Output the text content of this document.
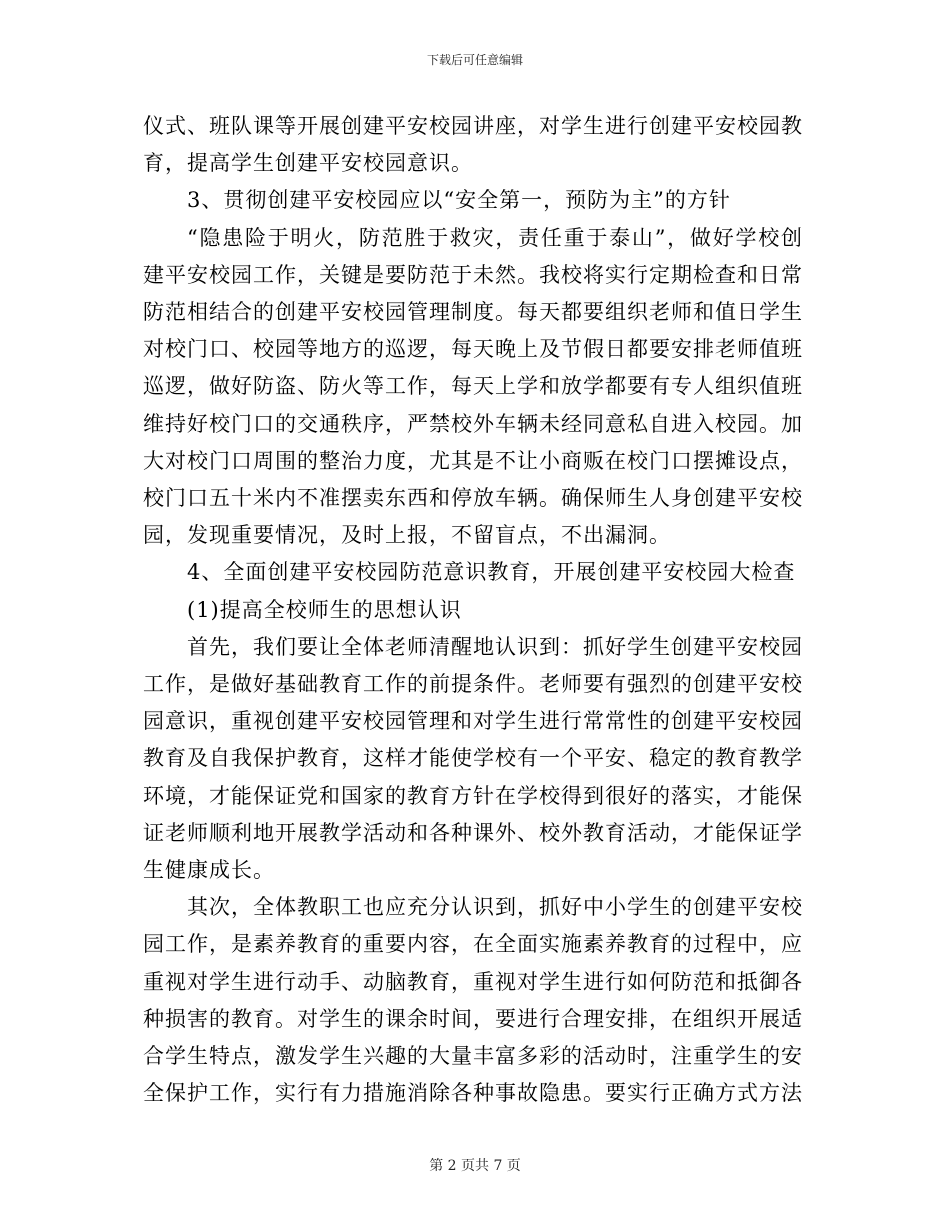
下载后可任意编辑

仪式、班队课等开展创建平安校园讲座，对学生进行创建平安校园教育，提高学生创建平安校园意识。

3、贯彻创建平安校园应以“安全第一，预防为主”的方针

“隐患险于明火，防范胜于救灾，责任重于泰山”，做好学校创建平安校园工作，关键是要防范于未然。我校将实行定期检查和日常防范相结合的创建平安校园管理制度。每天都要组织老师和值日学生对校门口、校园等地方的巡逻，每天晚上及节假日都要安排老师值班巡逻，做好防盗、防火等工作，每天上学和放学都要有专人组织值班维持好校门口的交通秩序，严禁校外车辆未经同意私自进入校园。加大对校门口周围的整治力度，尤其是不让小商贩在校门口摆摊设点，校门口五十米内不准摆卖东西和停放车辆。确保师生人身创建平安校园，发现重要情况，及时上报，不留盲点，不出漏洞。

4、全面创建平安校园防范意识教育，开展创建平安校园大检查

(1)提高全校师生的思想认识

首先，我们要让全体老师清醒地认识到：抓好学生创建平安校园工作，是做好基础教育工作的前提条件。老师要有强烈的创建平安校园意识，重视创建平安校园管理和对学生进行常常性的创建平安校园教育及自我保护教育，这样才能使学校有一个平安、稳定的教育教学环境，才能保证党和国家的教育方针在学校得到很好的落实，才能保证老师顺利地开展教学活动和各种课外、校外教育活动，才能保证学生健康成长。

其次，全体教职工也应充分认识到，抓好中小学生的创建平安校园工作，是素养教育的重要内容，在全面实施素养教育的过程中，应重视对学生进行动手、动脑教育，重视对学生进行如何防范和抵御各种损害的教育。对学生的课余时间，要进行合理安排，在组织开展适合学生特点，激发学生兴趣的大量丰富多彩的活动时，注重学生的安全保护工作，实行有力措施消除各种事故隐患。要实行正确方式方法

第 2 页共 7 页
